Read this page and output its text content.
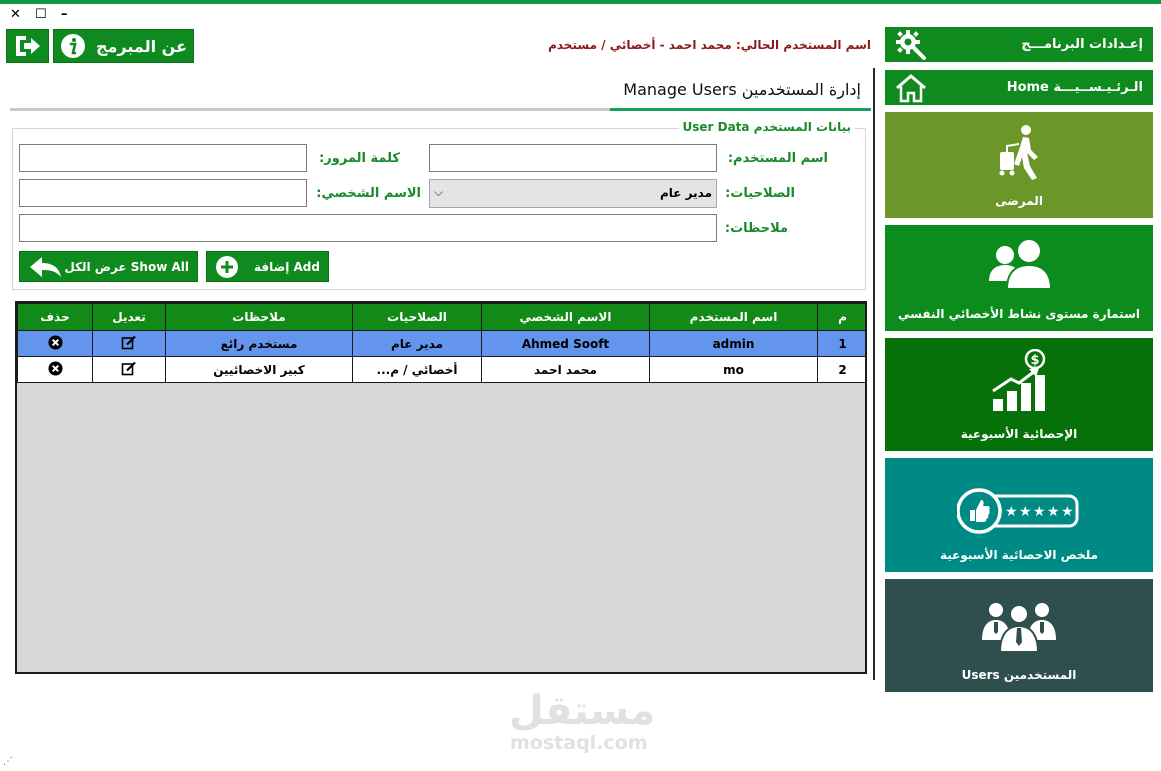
✕ ☐ –
عن المبرمج	اسم المستخدم الحالي: محمد احمد - أخصائي / مستخدم
إدارة المستخدمين Manage Users
بيانات المستخدم User Data
اسم المستخدم:
كلمة المرور:
الصلاحيات:
مدير عام
⌵
الاسم الشخصي:
ملاحظات:
إضافة Add
عرض الكل Show All
حذف	تعديل	ملاحظات	الصلاحيات	الاسم الشخصي	اسم المستخدم	م
		مستخدم رائع	مدير عام	Ahmed Sooft	admin	1
		كبير الاخصائيين	أخصائي / م...	محمد احمد	mo	2
إعـدادات البرنامـــج
الـرئـيـســيـــة Home
المرضى
استمارة مستوى نشاط الأخصائي النفسي
$
الإحصائية الأسبوعية
★ ★ ★ ★ ★
ملخص الاحصائية الأسبوعية
المستخدمين Users
مستقل
mostaql.com
⋰
